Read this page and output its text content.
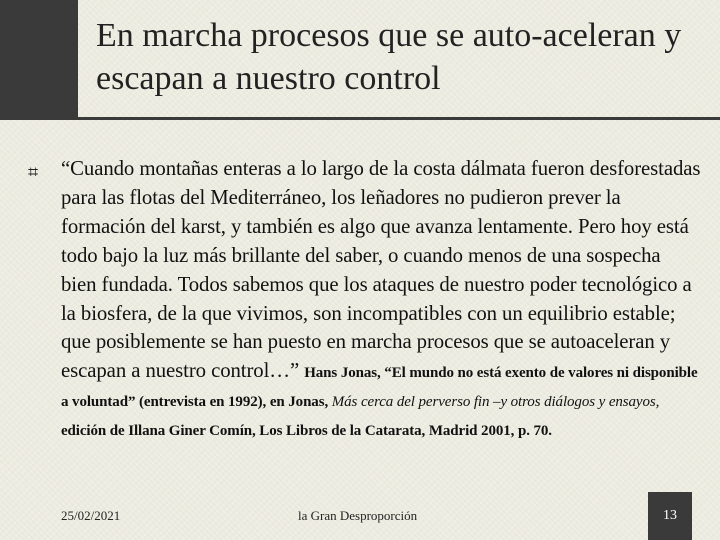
En marcha procesos que se auto-aceleran y escapan a nuestro control
⌗ “Cuando montañas enteras a lo largo de la costa dálmata fueron desforestadas para las flotas del Mediterráneo, los leñadores no pudieron prever la formación del karst, y también es algo que avanza lentamente. Pero hoy está todo bajo la luz más brillante del saber, o cuando menos de una sospecha bien fundada. Todos sabemos que los ataques de nuestro poder tecnológico a la biosfera, de la que vivimos, son incompatibles con un equilibrio estable; que posiblemente se han puesto en marcha procesos que se autoaceleran y escapan a nuestro control…” Hans Jonas, “El mundo no está exento de valores ni disponible a voluntad” (entrevista en 1992), en Jonas, Más cerca del perverso fin –y otros diálogos y ensayos, edición de Illana Giner Comín, Los Libros de la Catarata, Madrid 2001, p. 70.

25/02/2021	la Gran Desproporción	13
